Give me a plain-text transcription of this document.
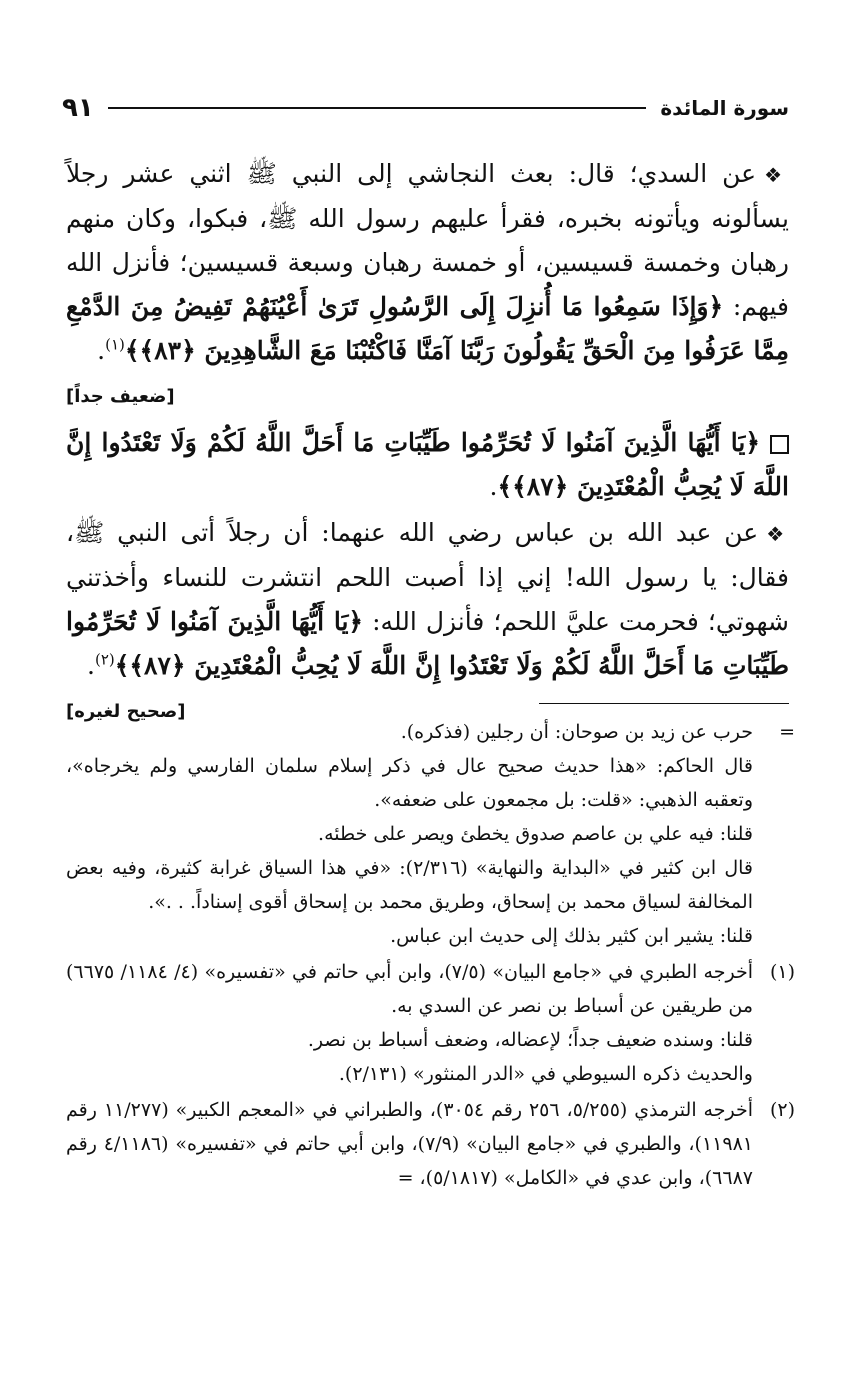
سورة المائدة
٩١

❖عن السدي؛ قال: بعث النجاشي إلى النبي ﷺ اثني عشر رجلاً يسألونه ويأتونه بخبره، فقرأ عليهم رسول الله ﷺ، فبكوا، وكان منهم رهبان وخمسة قسيسين، أو خمسة رهبان وسبعة قسيسين؛ فأنزل الله فيهم: ﴿وَإِذَا سَمِعُوا مَا أُنزِلَ إِلَى الرَّسُولِ تَرَىٰ أَعْيُنَهُمْ تَفِيضُ مِنَ الدَّمْعِ مِمَّا عَرَفُوا مِنَ الْحَقِّ يَقُولُونَ رَبَّنَا آمَنَّا فَاكْتُبْنَا مَعَ الشَّاهِدِينَ ﴿٨٣﴾﴾$^{(١)}$.
[ضعيف جداً]

﴿يَا أَيُّهَا الَّذِينَ آمَنُوا لَا تُحَرِّمُوا طَيِّبَاتِ مَا أَحَلَّ اللَّهُ لَكُمْ وَلَا تَعْتَدُوا إِنَّ اللَّهَ لَا يُحِبُّ الْمُعْتَدِينَ ﴿٨٧﴾﴾.

❖عن عبد الله بن عباس رضي الله عنهما: أن رجلاً أتى النبي ﷺ، فقال: يا رسول الله! إني إذا أصبت اللحم انتشرت للنساء وأخذتني شهوتي؛ فحرمت عليَّ اللحم؛ فأنزل الله: ﴿يَا أَيُّهَا الَّذِينَ آمَنُوا لَا تُحَرِّمُوا طَيِّبَاتِ مَا أَحَلَّ اللَّهُ لَكُمْ وَلَا تَعْتَدُوا إِنَّ اللَّهَ لَا يُحِبُّ الْمُعْتَدِينَ ﴿٨٧﴾﴾$^{(٢)}$.
[صحيح لغيره]

=

حرب عن زيد بن صوحان: أن رجلين (فذكره).

قال الحاكم: «هذا حديث صحيح عال في ذكر إسلام سلمان الفارسي ولم يخرجاه»، وتعقبه الذهبي: «قلت: بل مجمعون على ضعفه».

قلنا: فيه علي بن عاصم صدوق يخطئ ويصر على خطئه.

قال ابن كثير في «البداية والنهاية» (٢/٣١٦): «في هذا السياق غرابة كثيرة، وفيه بعض المخالفة لسياق محمد بن إسحاق، وطريق محمد بن إسحاق أقوى إسناداً. . .».

قلنا: يشير ابن كثير بذلك إلى حديث ابن عباس.

(١)

أخرجه الطبري في «جامع البيان» (٧/٥)، وابن أبي حاتم في «تفسيره» (٤/ ١١٨٤/ ٦٦٧٥) من طريقين عن أسباط بن نصر عن السدي به.

قلنا: وسنده ضعيف جداً؛ لإعضاله، وضعف أسباط بن نصر.

والحديث ذكره السيوطي في «الدر المنثور» (٢/١٣١).

(٢)

أخرجه الترمذي (٥/٢٥٥، ٢٥٦ رقم ٣٠٥٤)، والطبراني في «المعجم الكبير» (١١/٢٧٧ رقم ١١٩٨١)، والطبري في «جامع البيان» (٧/٩)، وابن أبي حاتم في «تفسيره» (٤/١١٨٦ رقم ٦٦٨٧)، وابن عدي في «الكامل» (٥/١٨١٧)، =
